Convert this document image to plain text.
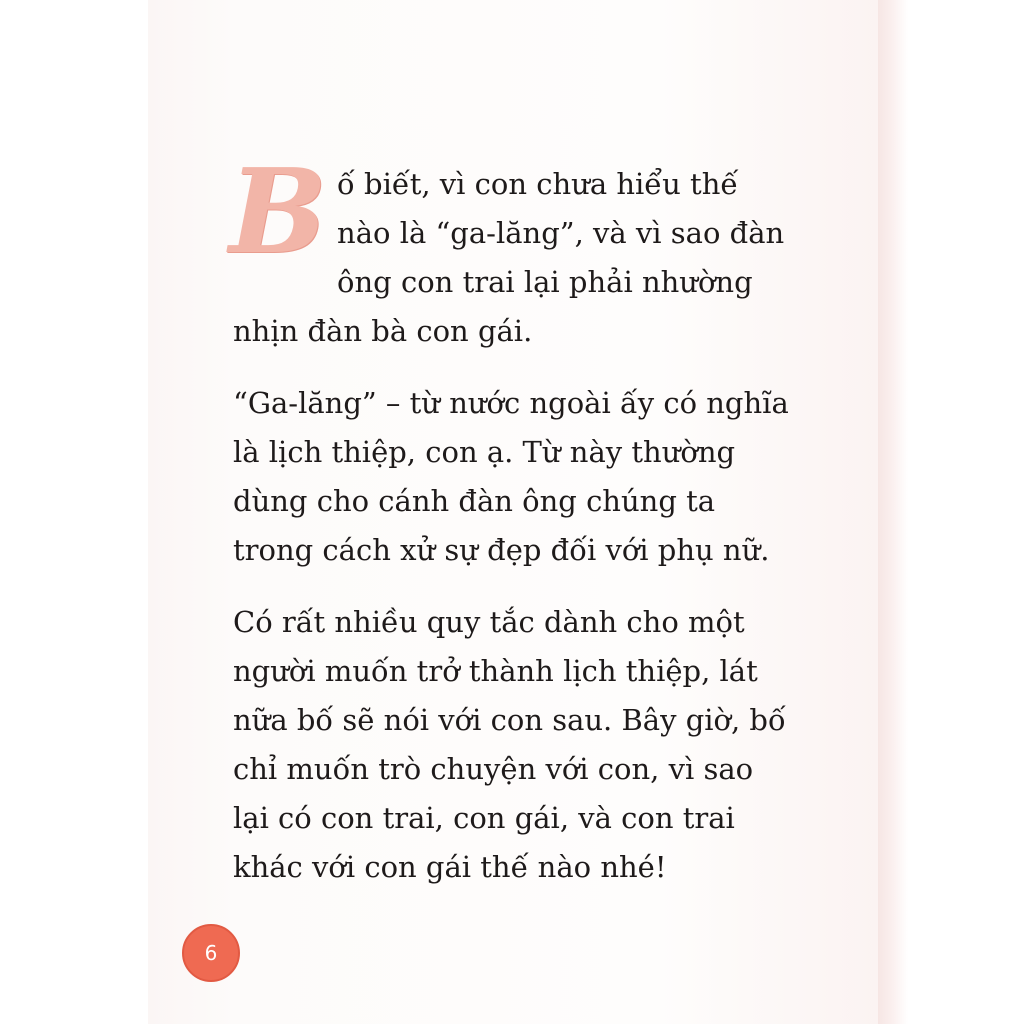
Bố biết, vì con chưa hiểu thế nào là “ga-lăng”, và vì sao đàn ông con trai lại phải nhường nhịn đàn bà con gái.

“Ga-lăng” – từ nước ngoài ấy có nghĩa là lịch thiệp, con ạ. Từ này thường dùng cho cánh đàn ông chúng ta trong cách xử sự đẹp đối với phụ nữ.

Có rất nhiều quy tắc dành cho một người muốn trở thành lịch thiệp, lát nữa bố sẽ nói với con sau. Bây giờ, bố chỉ muốn trò chuyện với con, vì sao lại có con trai, con gái, và con trai khác với con gái thế nào nhé!

6
